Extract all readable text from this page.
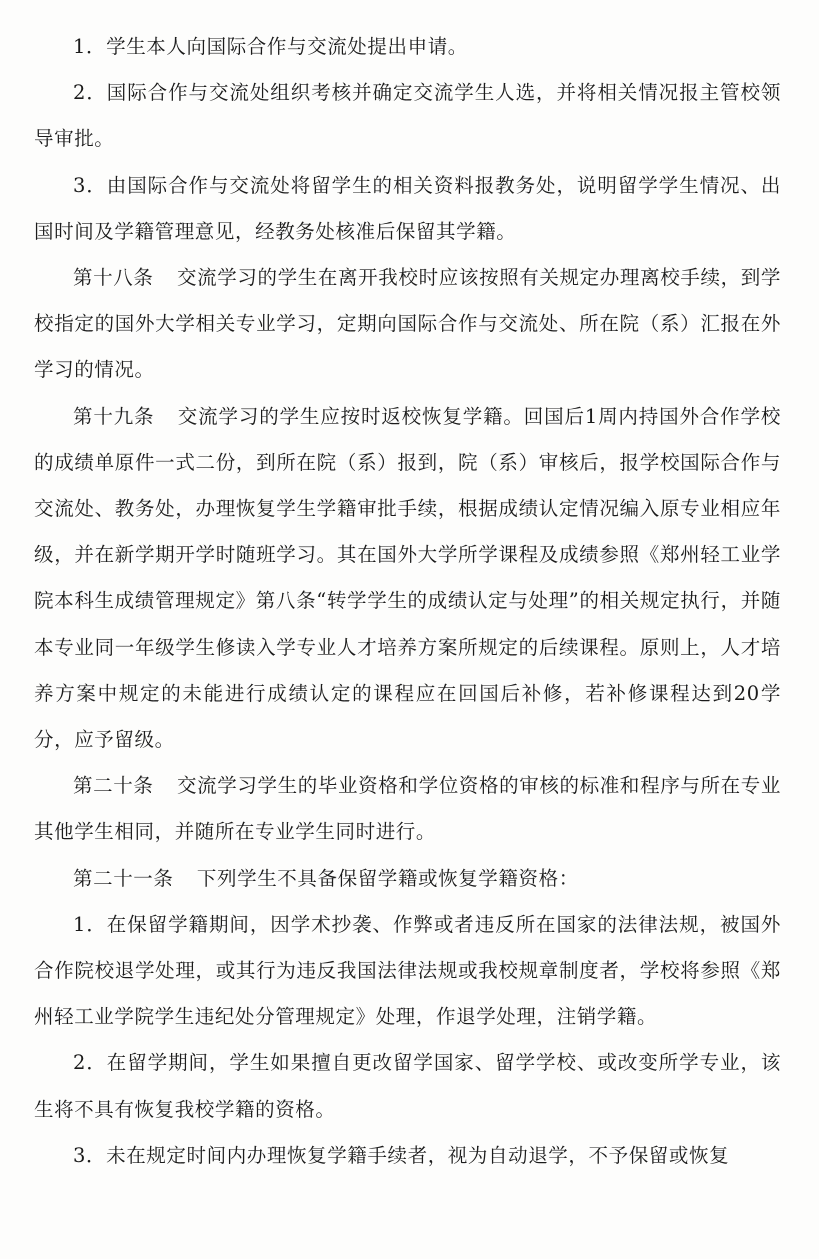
1．学生本人向国际合作与交流处提出申请。

2．国际合作与交流处组织考核并确定交流学生人选，并将相关情况报主管校领导审批。

3．由国际合作与交流处将留学生的相关资料报教务处，说明留学学生情况、出国时间及学籍管理意见，经教务处核准后保留其学籍。

第十八条 交流学习的学生在离开我校时应该按照有关规定办理离校手续，到学校指定的国外大学相关专业学习，定期向国际合作与交流处、所在院（系）汇报在外学习的情况。

第十九条 交流学习的学生应按时返校恢复学籍。回国后1周内持国外合作学校的成绩单原件一式二份，到所在院（系）报到，院（系）审核后，报学校国际合作与交流处、教务处，办理恢复学生学籍审批手续，根据成绩认定情况编入原专业相应年级，并在新学期开学时随班学习。其在国外大学所学课程及成绩参照《郑州轻工业学院本科生成绩管理规定》第八条“转学学生的成绩认定与处理”的相关规定执行，并随本专业同一年级学生修读入学专业人才培养方案所规定的后续课程。原则上，人才培养方案中规定的未能进行成绩认定的课程应在回国后补修，若补修课程达到20学分，应予留级。

第二十条 交流学习学生的毕业资格和学位资格的审核的标准和程序与所在专业其他学生相同，并随所在专业学生同时进行。

第二十一条 下列学生不具备保留学籍或恢复学籍资格：

1．在保留学籍期间，因学术抄袭、作弊或者违反所在国家的法律法规，被国外合作院校退学处理，或其行为违反我国法律法规或我校规章制度者，学校将参照《郑州轻工业学院学生违纪处分管理规定》处理，作退学处理，注销学籍。

2．在留学期间，学生如果擅自更改留学国家、留学学校、或改变所学专业，该生将不具有恢复我校学籍的资格。

3．未在规定时间内办理恢复学籍手续者，视为自动退学，不予保留或恢复
